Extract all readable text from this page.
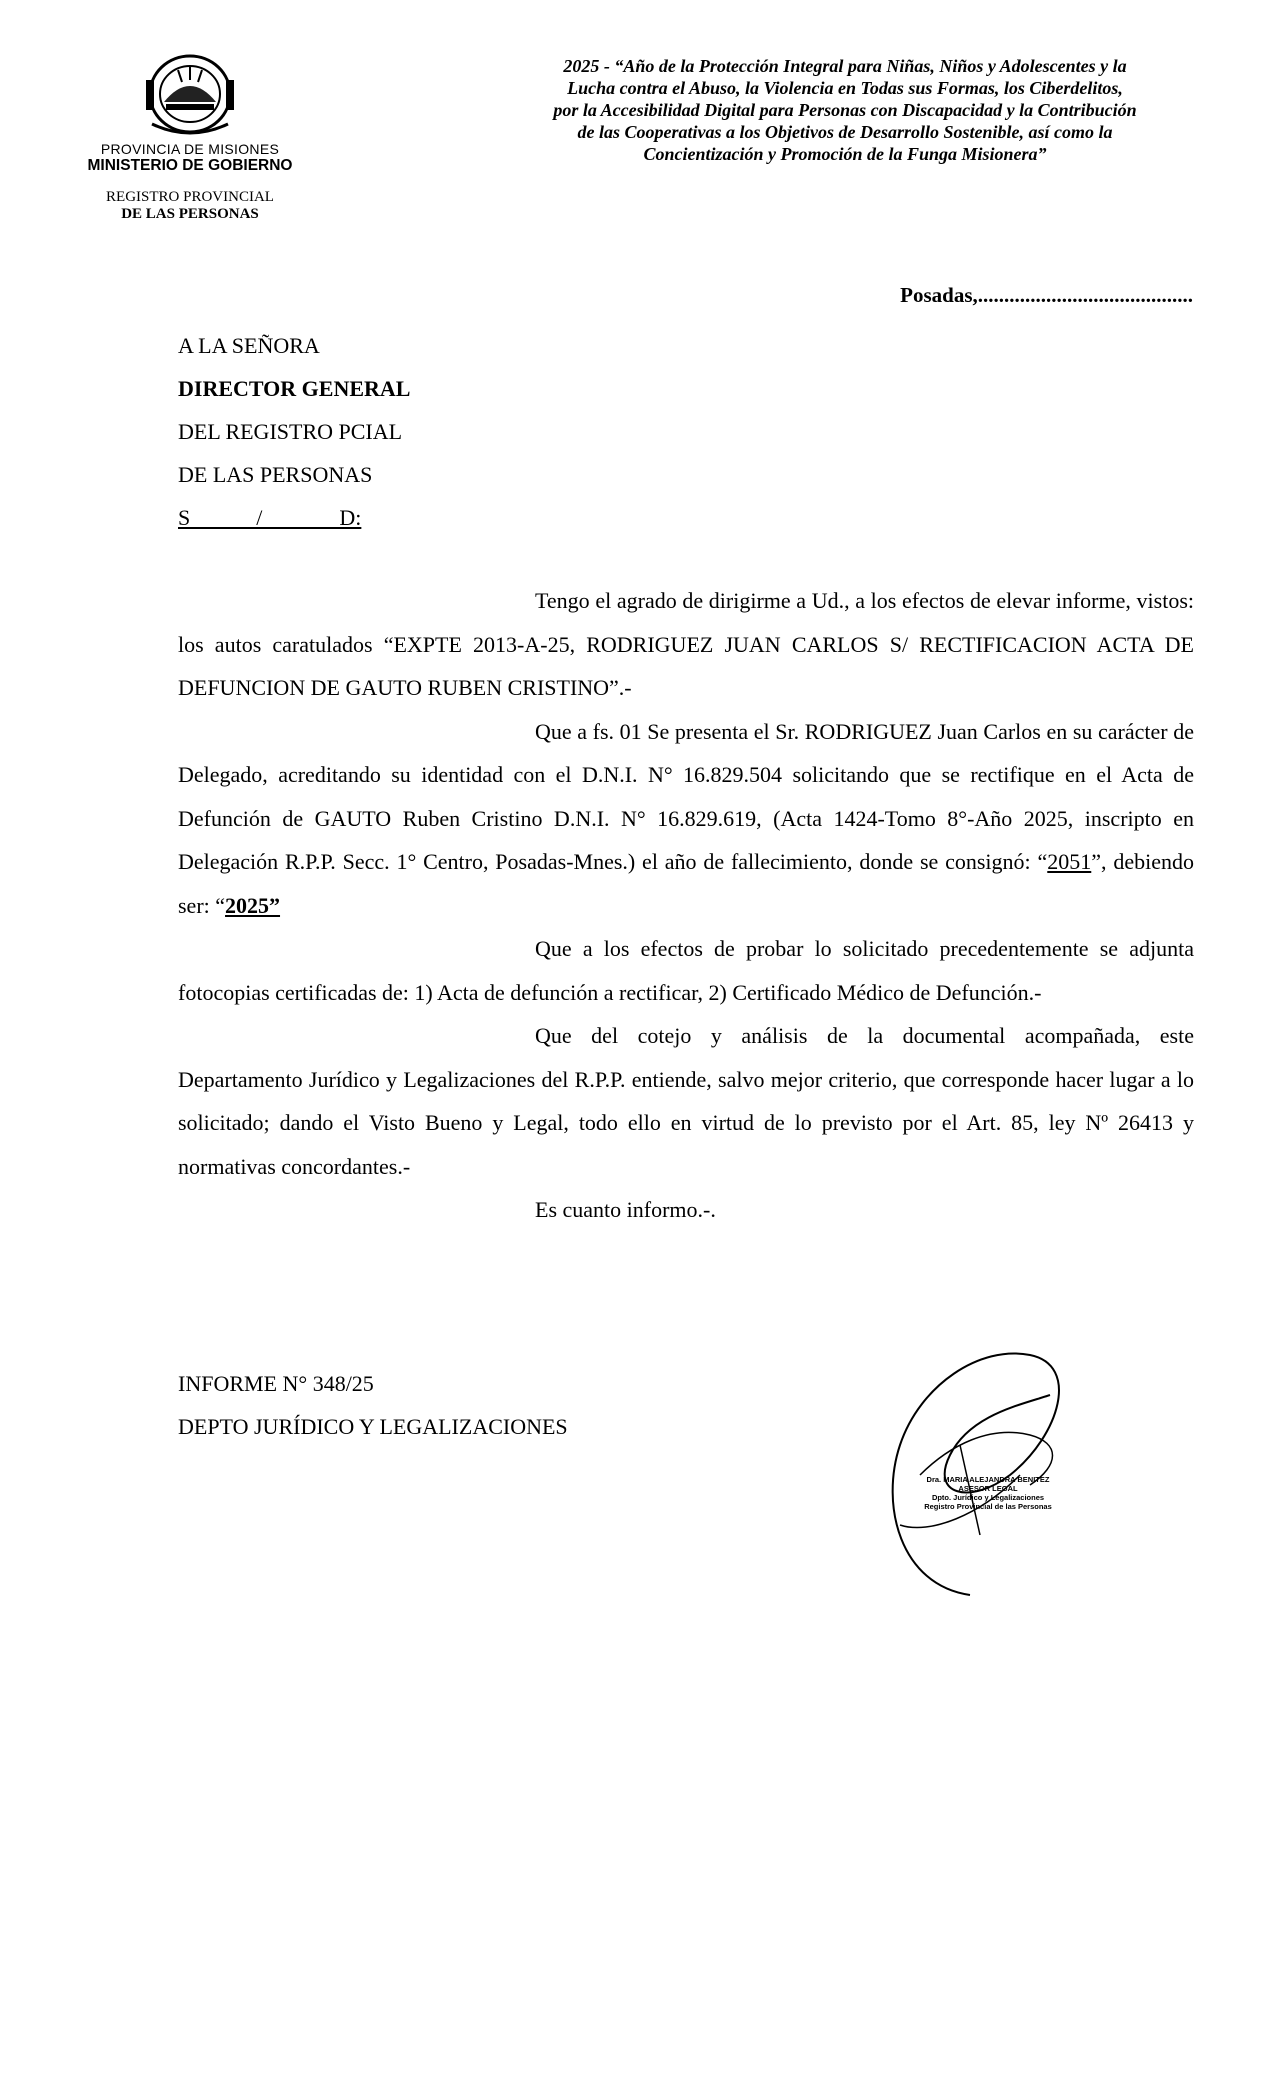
PROVINCIA DE MISIONES
MINISTERIO DE GOBIERNO
REGISTRO PROVINCIAL
DE LAS PERSONAS
2025 - “Año de la Protección Integral para Niñas, Niños y Adolescentes y la
Lucha contra el Abuso, la Violencia en Todas sus Formas, los Ciberdelitos,
por la Accesibilidad Digital para Personas con Discapacidad y la Contribución
de las Cooperativas a los Objetivos de Desarrollo Sostenible, así como la
Concientización y Promoción de la Funga Misionera”
Posadas,.........................................
A LA SEÑORA
DIRECTOR GENERAL
DEL REGISTRO PCIAL
DE LAS PERSONAS
S            /              D:

Tengo el agrado de dirigirme a Ud., a los efectos de elevar informe, vistos: los autos caratulados “EXPTE 2013-A-25, RODRIGUEZ JUAN CARLOS S/ RECTIFICACION ACTA DE DEFUNCION DE GAUTO RUBEN CRISTINO”.-

Que a fs. 01 Se presenta el Sr. RODRIGUEZ Juan Carlos en su carácter de Delegado, acreditando su identidad con el D.N.I. N° 16.829.504 solicitando que se rectifique en el Acta de Defunción de GAUTO Ruben Cristino D.N.I. N° 16.829.619, (Acta 1424-Tomo 8°-Año 2025, inscripto en Delegación R.P.P. Secc. 1° Centro, Posadas-Mnes.) el año de fallecimiento, donde se consignó: “2051”, debiendo ser: “2025”

Que a los efectos de probar lo solicitado precedentemente se adjunta fotocopias certificadas de: 1) Acta de defunción a rectificar, 2) Certificado Médico de Defunción.-

Que del cotejo y análisis de la documental acompañada, este Departamento Jurídico y Legalizaciones del R.P.P. entiende, salvo mejor criterio, que corresponde hacer lugar a lo solicitado; dando el Visto Bueno y Legal, todo ello en virtud de lo previsto por el Art. 85, ley Nº 26413 y normativas concordantes.-

Es cuanto informo.-.

INFORME N° 348/25
DEPTO JURÍDICO Y LEGALIZACIONES
Dra. MARIA ALEJANDRA BENITEZ
ASESOR LEGAL
Dpto. Jurídico y Legalizaciones
Registro Provincial de las Personas
